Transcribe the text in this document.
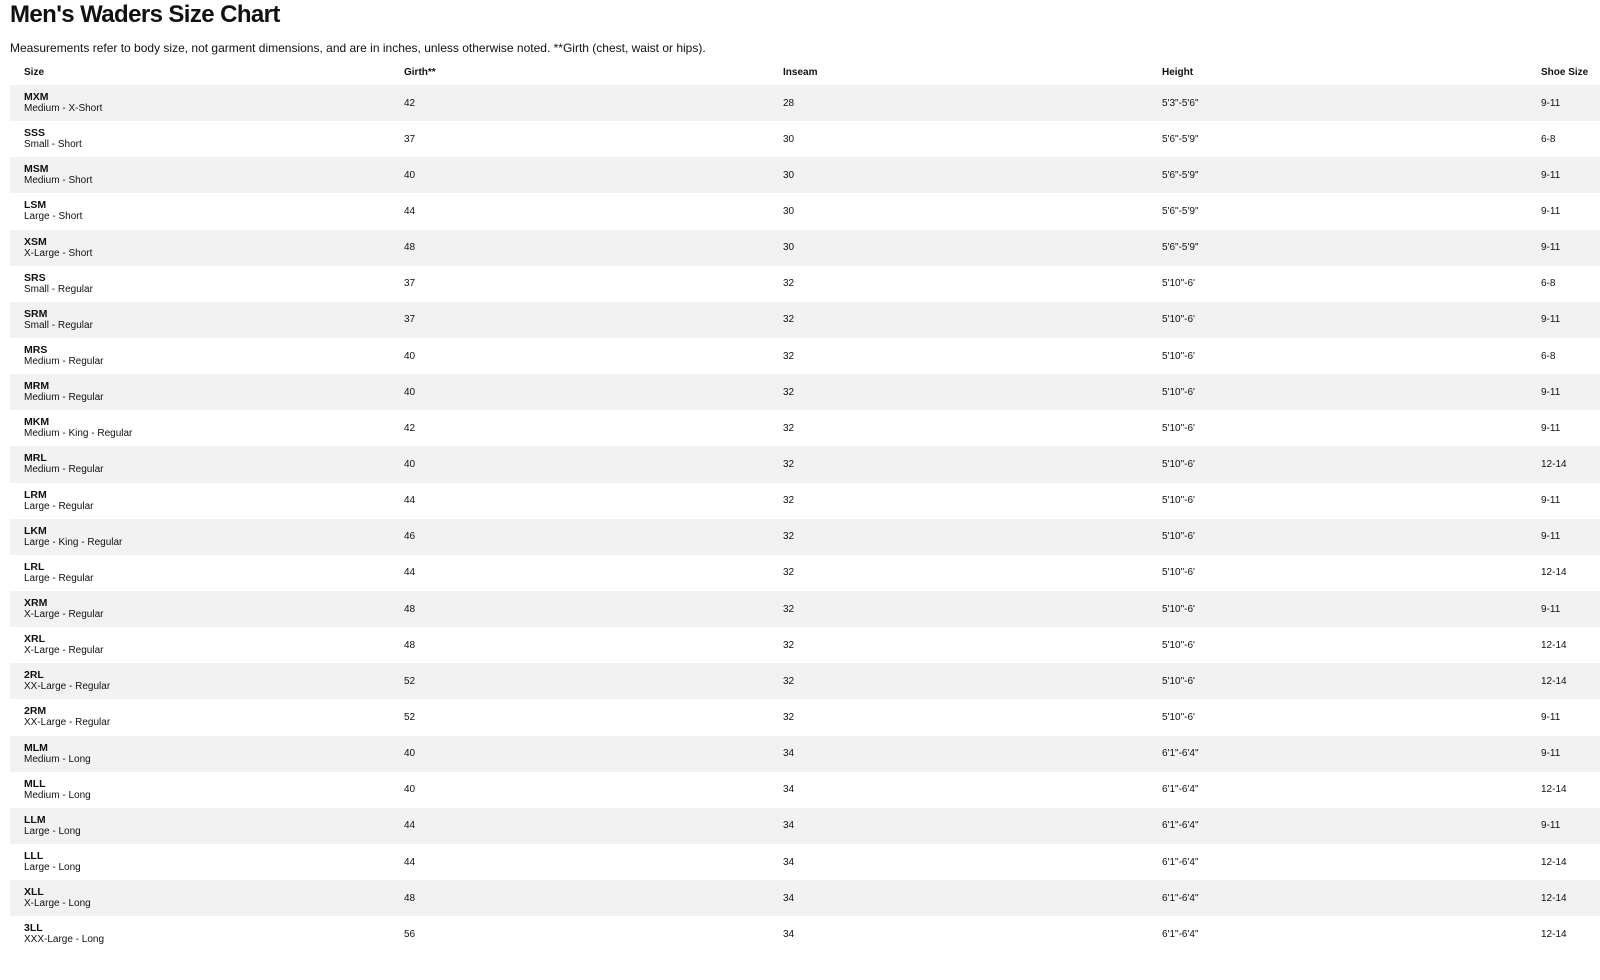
Men's Waders Size Chart

Measurements refer to body size, not garment dimensions, and are in inches, unless otherwise noted. **Girth (chest, waist or hips).

Size	Girth**	Inseam	Height	Shoe Size

MXM
Medium - X-Short	42	28	5'3"-5'6"	9-11

SSS
Small - Short	37	30	5'6"-5'9"	6-8

MSM
Medium - Short	40	30	5'6"-5'9"	9-11

LSM
Large - Short	44	30	5'6"-5'9"	9-11

XSM
X-Large - Short	48	30	5'6"-5'9"	9-11

SRS
Small - Regular	37	32	5'10"-6'	6-8

SRM
Small - Regular	37	32	5'10"-6'	9-11

MRS
Medium - Regular	40	32	5'10"-6'	6-8

MRM
Medium - Regular	40	32	5'10"-6'	9-11

MKM
Medium - King - Regular	42	32	5'10"-6'	9-11

MRL
Medium - Regular	40	32	5'10"-6'	12-14

LRM
Large - Regular	44	32	5'10"-6'	9-11

LKM
Large - King - Regular	46	32	5'10"-6'	9-11

LRL
Large - Regular	44	32	5'10"-6'	12-14

XRM
X-Large - Regular	48	32	5'10"-6'	9-11

XRL
X-Large - Regular	48	32	5'10"-6'	12-14

2RL
XX-Large - Regular	52	32	5'10"-6'	12-14

2RM
XX-Large - Regular	52	32	5'10"-6'	9-11

MLM
Medium - Long	40	34	6'1"-6'4"	9-11

MLL
Medium - Long	40	34	6'1"-6'4"	12-14

LLM
Large - Long	44	34	6'1"-6'4"	9-11

LLL
Large - Long	44	34	6'1"-6'4"	12-14

XLL
X-Large - Long	48	34	6'1"-6'4"	12-14

3LL
XXX-Large - Long	56	34	6'1"-6'4"	12-14
